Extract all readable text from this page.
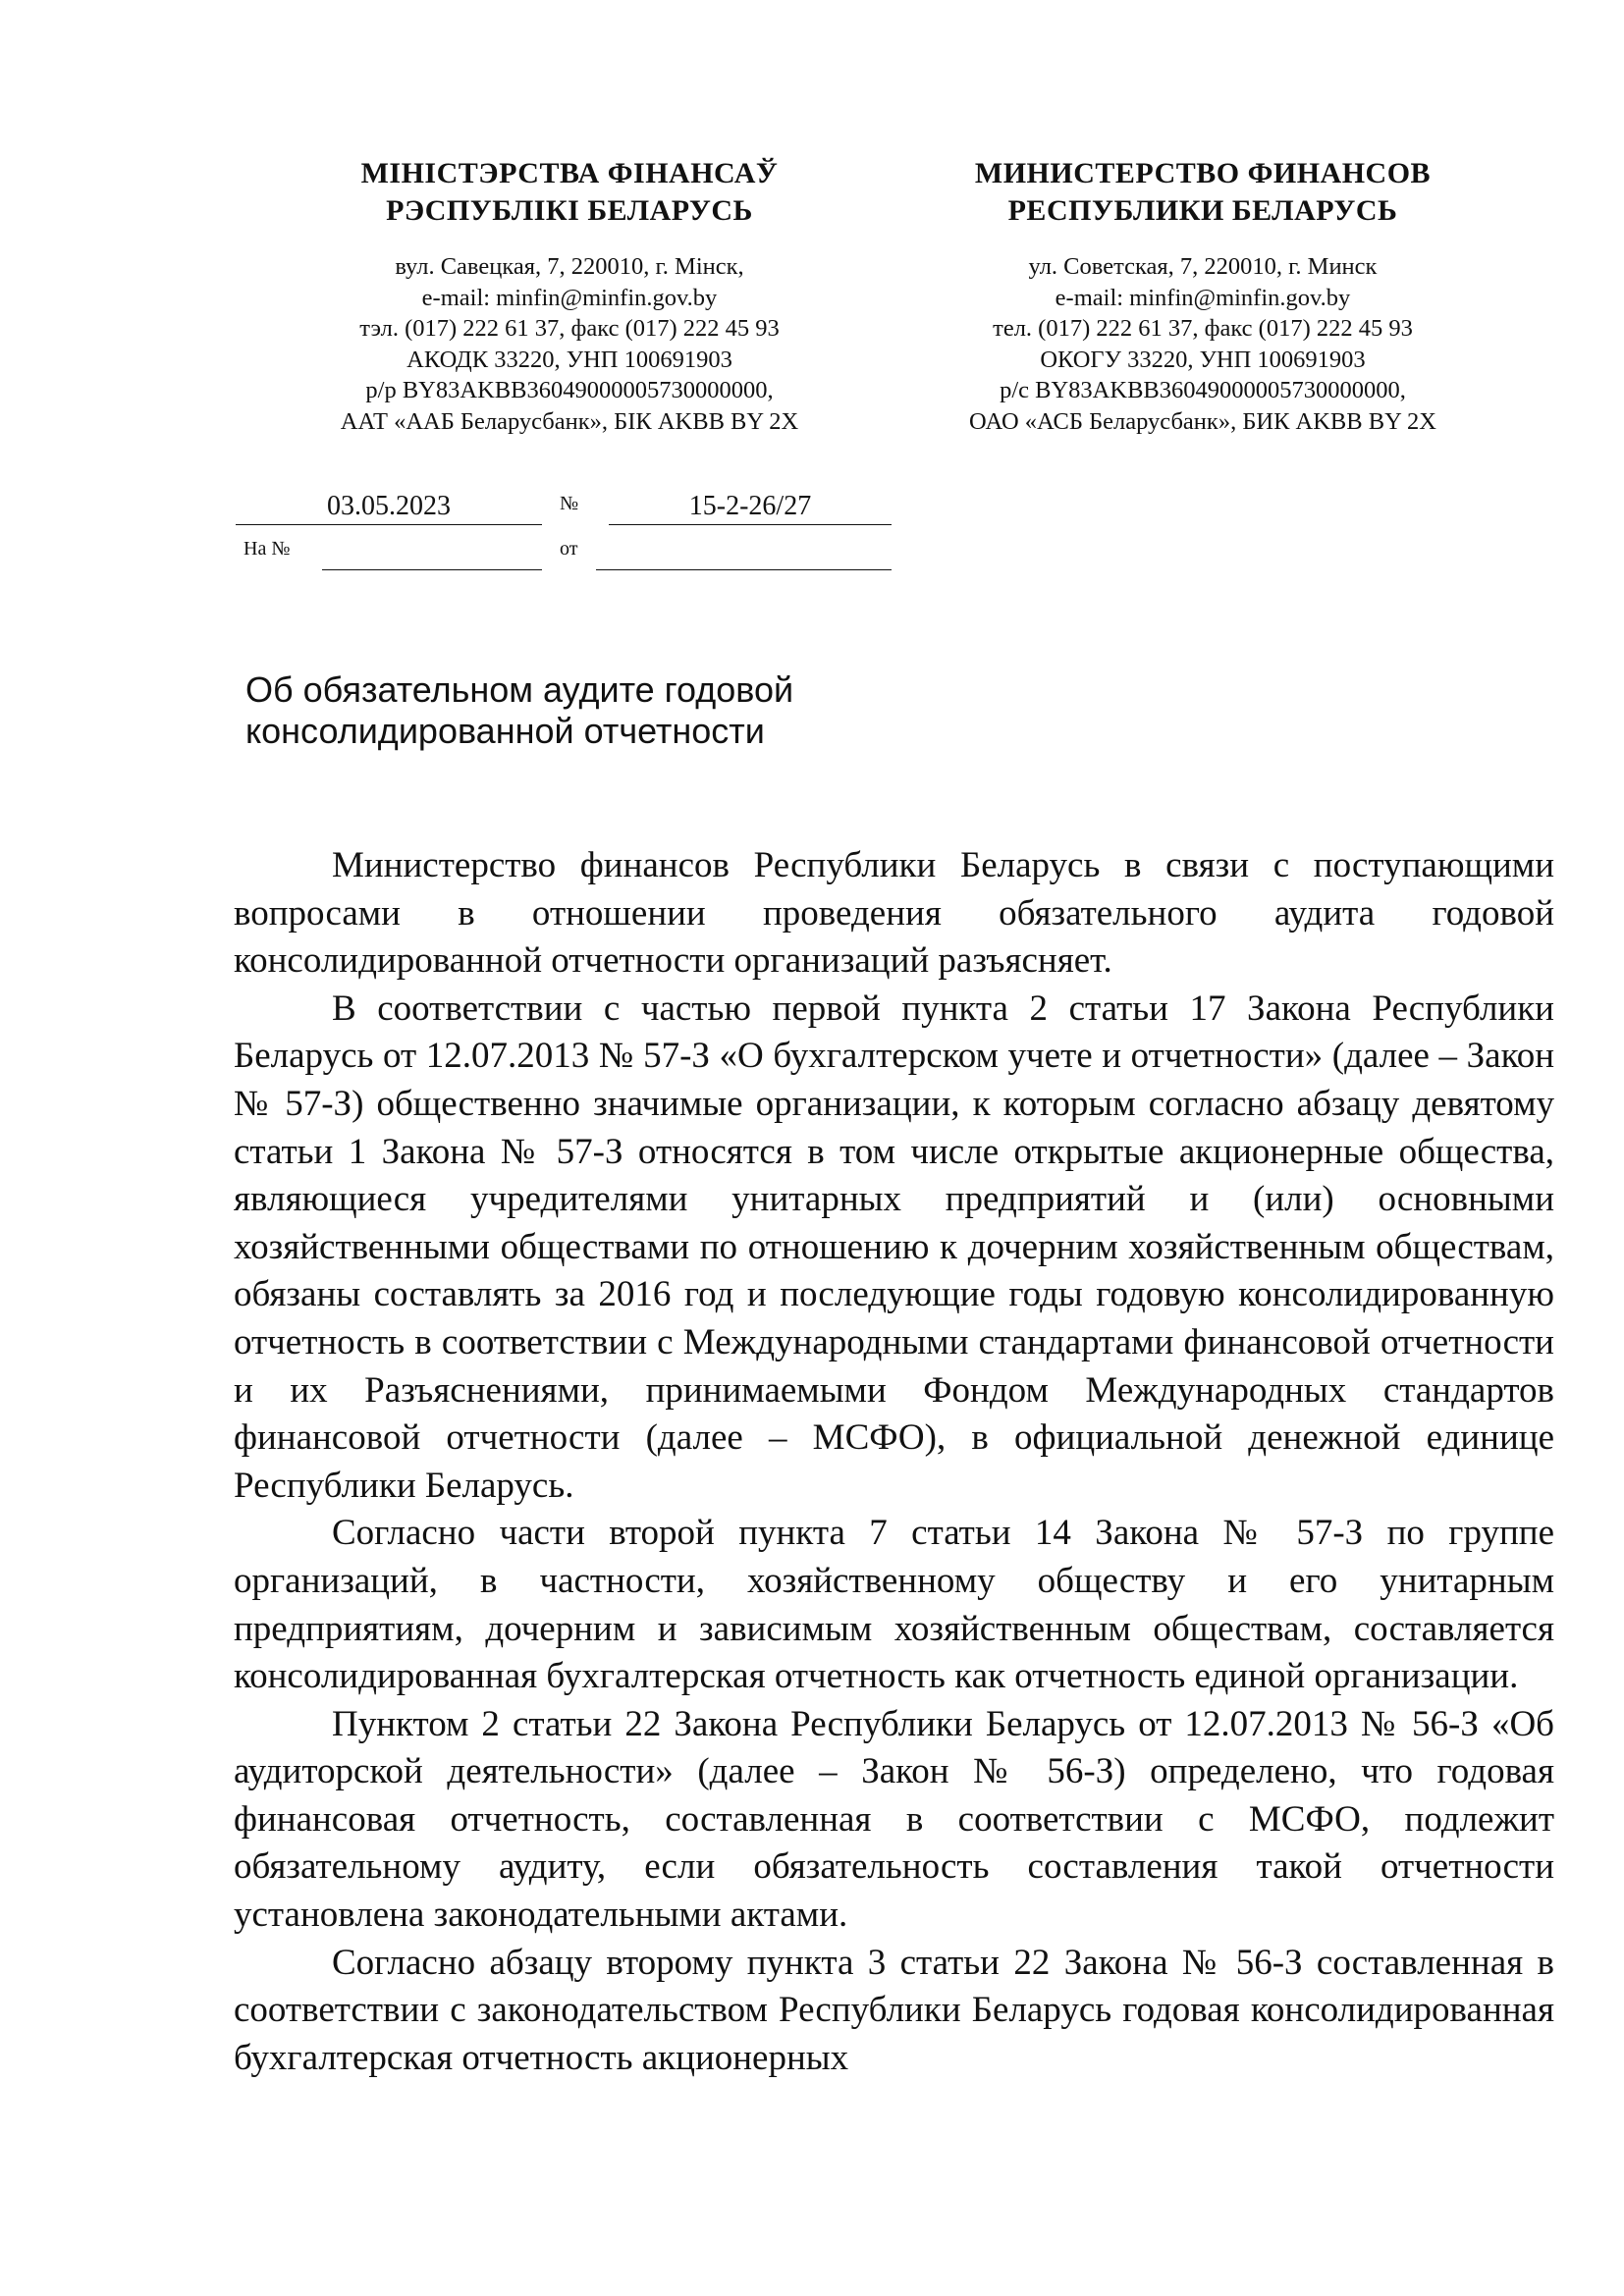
МІНІСТЭРСТВА ФІНАНСАЎ
РЭСПУБЛІКІ БЕЛАРУСЬ
вул. Савецкая, 7, 220010, г. Мінск,
e-mail: minfin@minfin.gov.by
тэл. (017) 222 61 37, факс (017) 222 45 93
АКОДК 33220, УНП 100691903
р/р BY83AKBB36049000005730000000,
ААТ «ААБ Беларусбанк», БІК AKBB BY 2X
МИНИСТЕРСТВО ФИНАНСОВ
РЕСПУБЛИКИ БЕЛАРУСЬ
ул. Советская, 7, 220010, г. Минск
e-mail: minfin@minfin.gov.by
тел. (017) 222 61 37, факс (017) 222 45 93
ОКОГУ 33220, УНП 100691903
р/с BY83AKBB36049000005730000000,
ОАО «АСБ Беларусбанк», БИК AKBB BY 2X
03.05.2023	№	15-2-26/27
На №	от
Об обязательном аудите годовой
консолидированной отчетности

Министерство финансов Республики Беларусь в связи с поступающими вопросами в отношении проведения обязательного аудита годовой консолидированной отчетности организаций разъясняет.

В соответствии с частью первой пункта 2 статьи 17 Закона Республики Беларусь от 12.07.2013 № 57-З «О бухгалтерском учете и отчетности» (далее – Закон № 57-З) общественно значимые организации, к которым согласно абзацу девятому статьи 1 Закона № 57-З относятся в том числе открытые акционерные общества, являющиеся учредителями унитарных предприятий и (или) основными хозяйственными обществами по отношению к дочерним хозяйственным обществам, обязаны составлять за 2016 год и последующие годы годовую консолидированную отчетность в соответствии с Международными стандартами финансовой отчетности и их Разъяснениями, принимаемыми Фондом Международных стандартов финансовой отчетности (далее – МСФО), в официальной денежной единице Республики Беларусь.

Согласно части второй пункта 7 статьи 14 Закона № 57-З по группе организаций, в частности, хозяйственному обществу и его унитарным предприятиям, дочерним и зависимым хозяйственным обществам, составляется консолидированная бухгалтерская отчетность как отчетность единой организации.

Пунктом 2 статьи 22 Закона Республики Беларусь от 12.07.2013 № 56-З «Об аудиторской деятельности» (далее – Закон № 56-З) определено, что годовая финансовая отчетность, составленная в соответствии с МСФО, подлежит обязательному аудиту, если обязательность составления такой отчетности установлена законодательными актами.

Согласно абзацу второму пункта 3 статьи 22 Закона № 56-З составленная в соответствии с законодательством Республики Беларусь годовая консолидированная бухгалтерская отчетность акционерных
